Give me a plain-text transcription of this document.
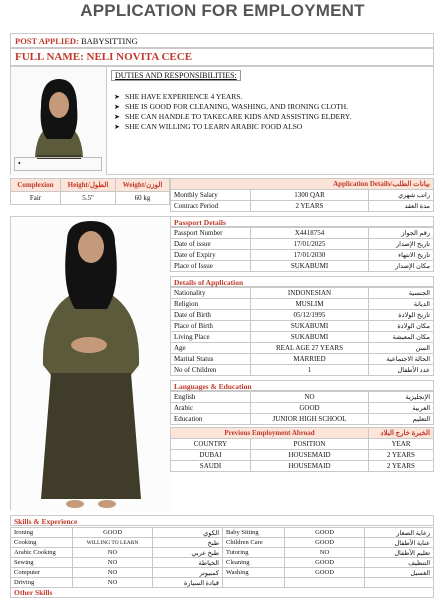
APPLICATION FOR EMPLOYMENT
POST APPLIED: BABYSITTING
FULL NAME: NELI NOVITA CECE
•
DUTIES AND RESPONSIBILITIES:
➤ SHE HAVE EXPERIENCE 4 YEARS.
➤ SHE IS GOOD FOR CLEANING, WASHING, AND IRONING CLOTH.
➤ SHE CAN HANDLE TO TAKECARE KIDS AND ASSISTING ELDERY.
➤ SHE CAN WILLING TO LEARN ARABIC FOOD ALSO
Complexion	Height/الطول	Weight/الوزن
Fair	5.5"	60 kg
Application Details/بيانات الطلب		
Monthly Salary	1300 QAR	راتب شهري
Contract Period	2 YEARS	مدة العقد
Passport Details
Passport Number	X4418754	رقم الجواز
Date of issue	17/01/2025	تاريخ الإصدار
Date of Expiry	17/01/2030	تاريخ الانتهاء
Place of Issue	SUKABUMI	مكان الإصدار
Details of Application
Nationality	INDONESIAN	الجنسية
Religion	MUSLIM	الديانة
Date of Birth	05/12/1995	تاريخ الولادة
Place of Birth	SUKABUMI	مكان الولادة
Living Place	SUKABUMI	مكان المعيشة
Age	REAL AGE 27 YEARS	السن
Marital Status	MARRIED	الحالة الاجتماعية
No of Children	1	عدد الأطفال
Languages & Education
English	NO	الإنجليزية
Arabic	GOOD	العربية
Education	JUNIOR HIGH SCHOOL	التعليم
Previous Employment Abroad		الخبرة خارج البلاد
COUNTRY	POSITION	YEAR
DUBAI	HOUSEMAID	2 YEARS
SAUDI	HOUSEMAID	2 YEARS
Skills & Experience
Ironing	GOOD	الكوي	Baby Sitting	GOOD	رعاية الصغار
Cooking	WILLING TO LEARN	طبخ	Children Care	GOOD	عناية الأطفال
Arabic Cooking	NO	طبخ عربي	Tutoring	NO	تعليم الأطفال
Sewing	NO	الخياطة	Cleaning	GOOD	التنظيف
Computer	NO	كمبيوتر	Washing	GOOD	الغسيل
Driving	NO	قيادة السيارة			
Other Skills					
